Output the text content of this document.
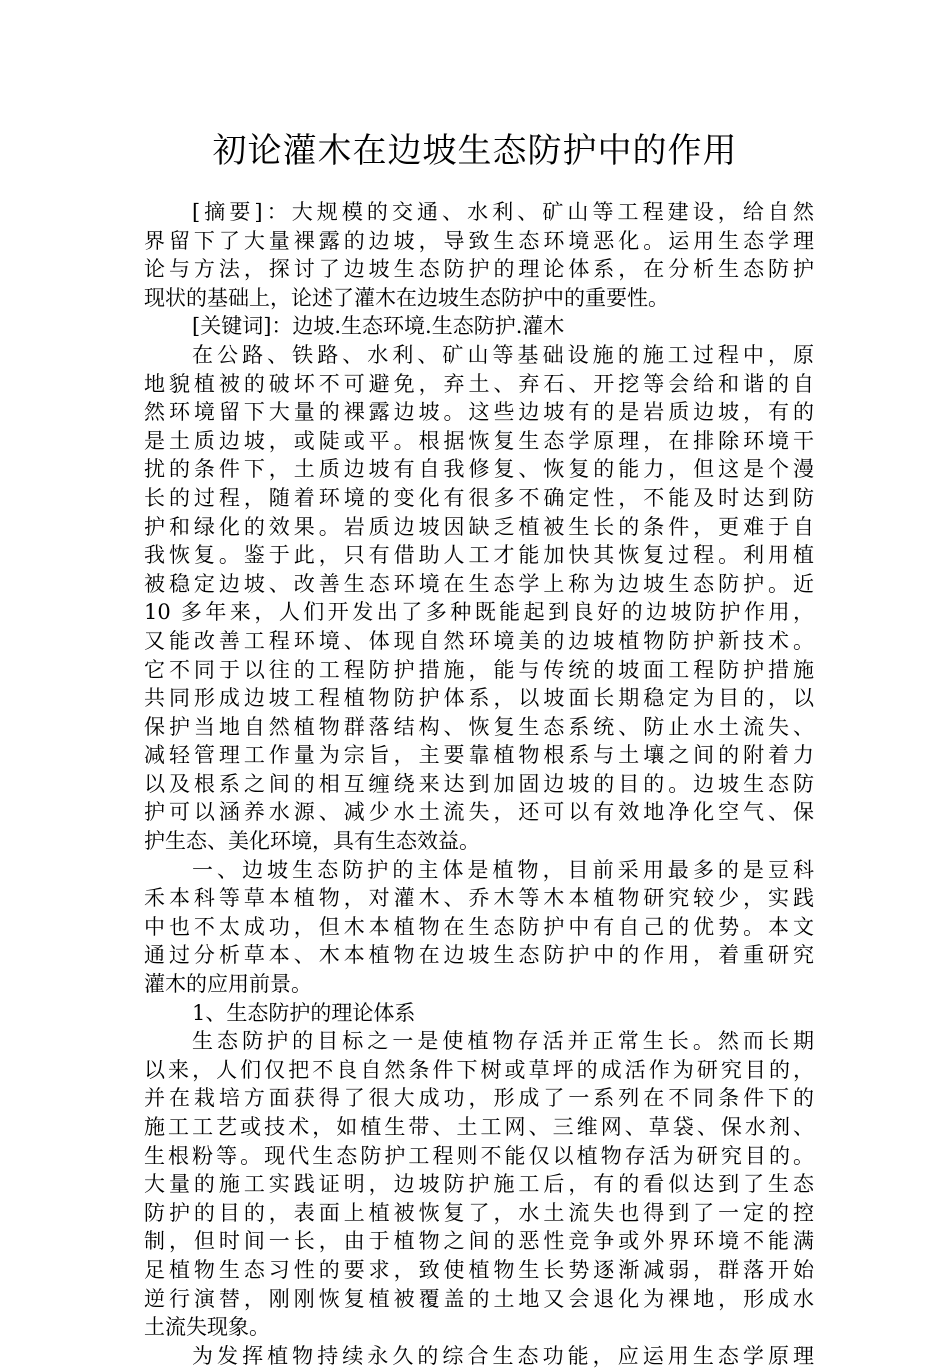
初论灌木在边坡生态防护中的作用
[摘要]：大规模的交通、水利、矿山等工程建设，给自然
界留下了大量裸露的边坡，导致生态环境恶化。运用生态学理
论与方法，探讨了边坡生态防护的理论体系，在分析生态防护
现状的基础上，论述了灌木在边坡生态防护中的重要性。
[关键词]：边坡.生态环境.生态防护.灌木
在公路、铁路、水利、矿山等基础设施的施工过程中，原
地貌植被的破坏不可避免，弃土、弃石、开挖等会给和谐的自
然环境留下大量的裸露边坡。这些边坡有的是岩质边坡，有的
是土质边坡，或陡或平。根据恢复生态学原理，在排除环境干
扰的条件下，土质边坡有自我修复、恢复的能力，但这是个漫
长的过程，随着环境的变化有很多不确定性，不能及时达到防
护和绿化的效果。岩质边坡因缺乏植被生长的条件，更难于自
我恢复。鉴于此，只有借助人工才能加快其恢复过程。利用植
被稳定边坡、改善生态环境在生态学上称为边坡生态防护。近
10 多年来，人们开发出了多种既能起到良好的边坡防护作用，
又能改善工程环境、体现自然环境美的边坡植物防护新技术。
它不同于以往的工程防护措施，能与传统的坡面工程防护措施
共同形成边坡工程植物防护体系，以坡面长期稳定为目的，以
保护当地自然植物群落结构、恢复生态系统、防止水土流失、
减轻管理工作量为宗旨，主要靠植物根系与土壤之间的附着力
以及根系之间的相互缠绕来达到加固边坡的目的。边坡生态防
护可以涵养水源、减少水土流失，还可以有效地净化空气、保
护生态、美化环境，具有生态效益。
一、边坡生态防护的主体是植物，目前采用最多的是豆科
禾本科等草本植物，对灌木、乔木等木本植物研究较少，实践
中也不太成功，但木本植物在生态防护中有自己的优势。本文
通过分析草本、木本植物在边坡生态防护中的作用，着重研究
灌木的应用前景。
1、生态防护的理论体系
生态防护的目标之一是使植物存活并正常生长。然而长期
以来，人们仅把不良自然条件下树或草坪的成活作为研究目的，
并在栽培方面获得了很大成功，形成了一系列在不同条件下的
施工工艺或技术，如植生带、土工网、三维网、草袋、保水剂、
生根粉等。现代生态防护工程则不能仅以植物存活为研究目的。
大量的施工实践证明，边坡防护施工后，有的看似达到了生态
防护的目的，表面上植被恢复了，水土流失也得到了一定的控
制，但时间一长，由于植物之间的恶性竞争或外界环境不能满
足植物生态习性的要求，致使植物生长势逐渐减弱，群落开始
逆行演替，刚刚恢复植被覆盖的土地又会退化为裸地，形成水
土流失现象。
为发挥植物持续永久的综合生态功能，应运用生态学原理
